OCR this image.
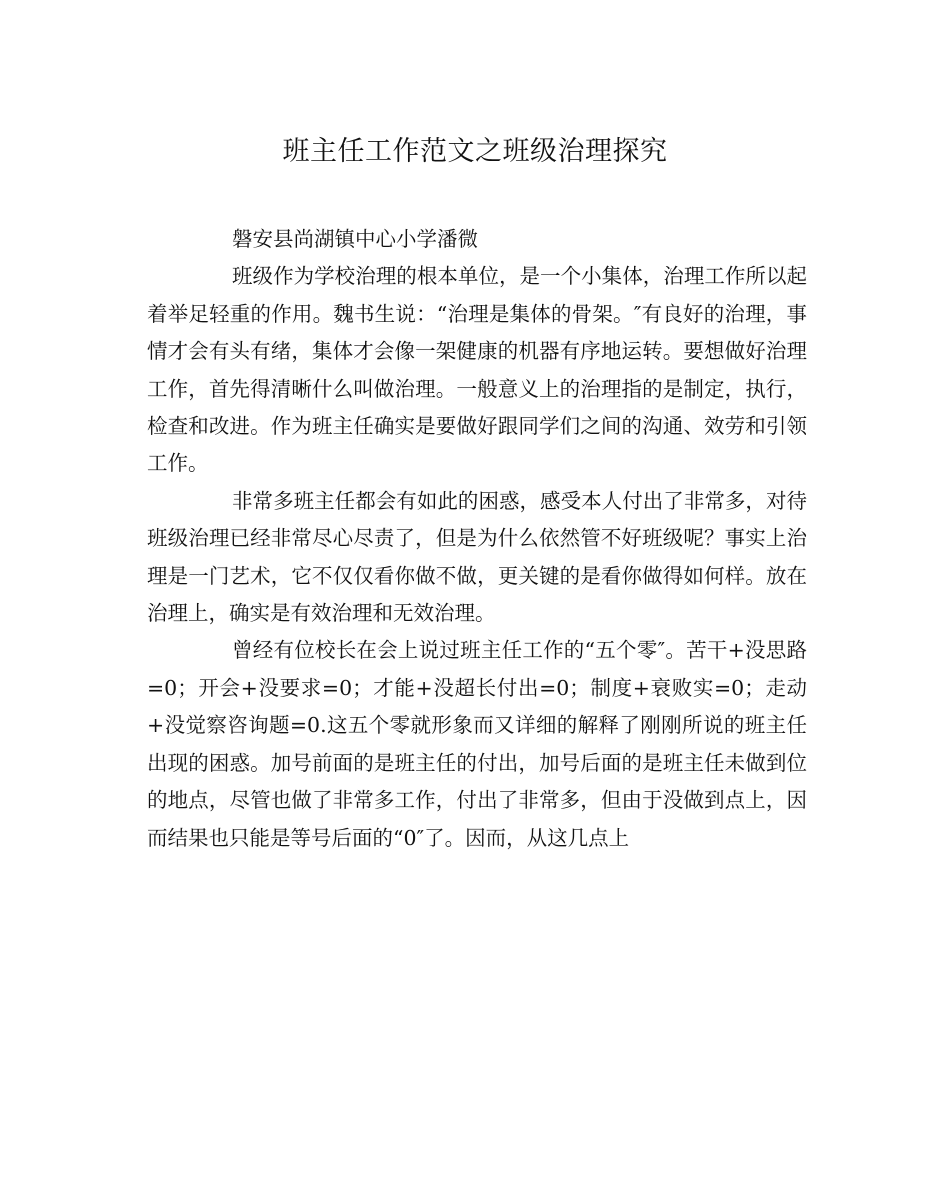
班主任工作范文之班级治理探究

磐安县尚湖镇中心小学潘微

班级作为学校治理的根本单位，是一个小集体，治理工作所以起着举足轻重的作用。魏书生说：“治理是集体的骨架。″有良好的治理，事情才会有头有绪，集体才会像一架健康的机器有序地运转。要想做好治理工作，首先得清晰什么叫做治理。一般意义上的治理指的是制定，执行，检查和改进。作为班主任确实是要做好跟同学们之间的沟通、效劳和引领工作。

非常多班主任都会有如此的困惑，感受本人付出了非常多，对待班级治理已经非常尽心尽责了，但是为什么依然管不好班级呢？事实上治理是一门艺术，它不仅仅看你做不做，更关键的是看你做得如何样。放在治理上，确实是有效治理和无效治理。

曾经有位校长在会上说过班主任工作的“五个零″。苦干+没思路=0；开会+没要求=0；才能+没超长付出=0；制度+衰败实=0；走动+没觉察咨询题=0.这五个零就形象而又详细的解释了刚刚所说的班主任出现的困惑。加号前面的是班主任的付出，加号后面的是班主任未做到位的地点，尽管也做了非常多工作，付出了非常多，但由于没做到点上，因而结果也只能是等号后面的“0″了。因而，从这几点上
